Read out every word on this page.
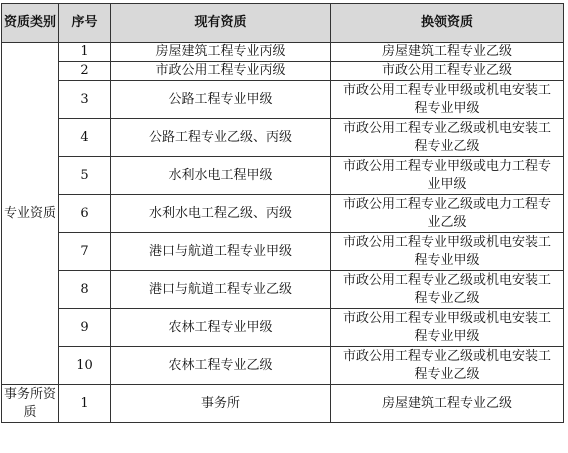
资质类别	序号	现有资质	换领资质
专业资质	1	房屋建筑工程专业丙级	房屋建筑工程专业乙级
	2	市政公用工程专业丙级	市政公用工程专业乙级
	3	公路工程专业甲级	市政公用工程专业甲级或机电安装工程专业甲级
	4	公路工程专业乙级、丙级	市政公用工程专业乙级或机电安装工程专业乙级
	5	水利水电工程甲级	市政公用工程专业甲级或电力工程专业甲级
	6	水利水电工程乙级、丙级	市政公用工程专业乙级或电力工程专业乙级
	7	港口与航道工程专业甲级	市政公用工程专业甲级或机电安装工程专业甲级
	8	港口与航道工程专业乙级	市政公用工程专业乙级或机电安装工程专业乙级
	9	农林工程专业甲级	市政公用工程专业甲级或机电安装工程专业甲级
	10	农林工程专业乙级	市政公用工程专业乙级或机电安装工程专业乙级
事务所资质	1	事务所	房屋建筑工程专业乙级
